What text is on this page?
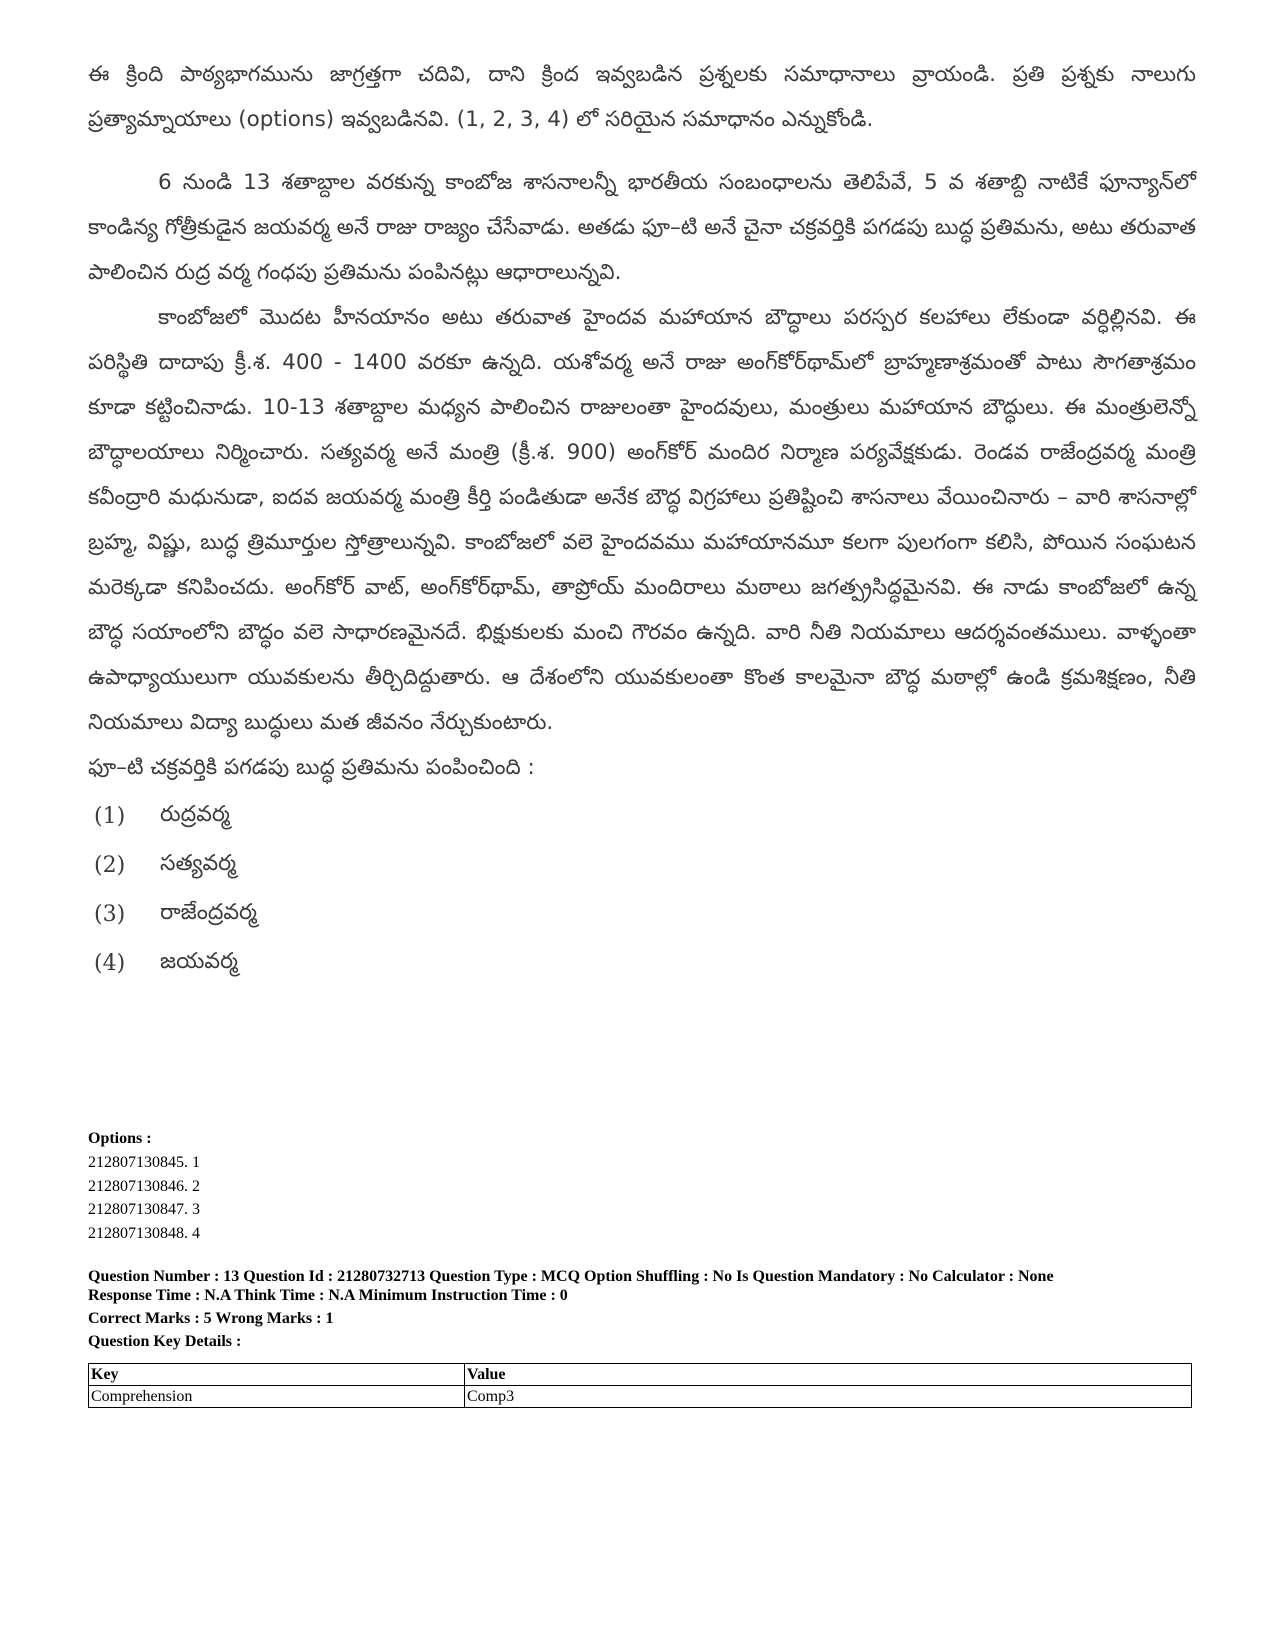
ఈ క్రింది పాఠ్యభాగమును జాగ్రత్తగా చదివి, దాని క్రింద ఇవ్వబడిన ప్రశ్నలకు సమాధానాలు వ్రాయండి. ప్రతి ప్రశ్నకు నాలుగు ప్రత్యామ్నాయాలు (options) ఇవ్వబడినవి. (1, 2, 3, 4) లో సరియైన సమాధానం ఎన్నుకోండి.

6 నుండి 13 శతాబ్దాల వరకున్న కాంబోజ శాసనాలన్నీ భారతీయ సంబంధాలను తెలిపేవే, 5 వ శతాబ్ది నాటికే ఫూన్యాన్‌లో కాండిన్య గోత్రీకుడైన జయవర్మ అనే రాజు రాజ్యం చేసేవాడు. అతడు ఫూ–టి అనే చైనా చక్రవర్తికి పగడపు బుద్ధ ప్రతిమను, అటు తరువాత పాలించిన రుద్ర వర్మ గంధపు ప్రతిమను పంపినట్లు ఆధారాలున్నవి.

కాంబోజలో మొదట హీనయానం అటు తరువాత హైందవ మహాయాన బౌద్ధాలు పరస్పర కలహాలు లేకుండా వర్ధిల్లినవి. ఈ పరిస్థితి దాదాపు క్రీ.శ. 400 - 1400 వరకూ ఉన్నది. యశోవర్మ అనే రాజు అంగ్‌కోర్‌థామ్‌లో బ్రాహ్మణాశ్రమంతో పాటు సౌగతాశ్రమం కూడా కట్టించినాడు. 10-13 శతాబ్దాల మధ్యన పాలించిన రాజులంతా హైందవులు, మంత్రులు మహాయాన బౌద్ధులు. ఈ మంత్రులెన్నో బౌద్ధాలయాలు నిర్మించారు. సత్యవర్మ అనే మంత్రి (క్రీ.శ. 900) అంగ్‌కోర్ మందిర నిర్మాణ పర్యవేక్షకుడు. రెండవ రాజేంద్రవర్మ మంత్రి కవీంద్రారి మధునుడా, ఐదవ జయవర్మ మంత్రి కీర్తి పండితుడా అనేక బౌద్ధ విగ్రహాలు ప్రతిష్టించి శాసనాలు వేయించినారు – వారి శాసనాల్లో బ్రహ్మ, విష్ణు, బుద్ధ త్రిమూర్తుల స్తోత్రాలున్నవి. కాంబోజలో వలె హైందవము మహాయానమూ కలగా పులగంగా కలిసి, పోయిన సంఘటన మరెక్కడా కనిపించదు. అంగ్‌కోర్ వాట్, అంగ్‌కోర్‌థామ్, తాప్రోయ్ మందిరాలు మఠాలు జగత్ప్రసిద్ధమైనవి. ఈ నాడు కాంబోజలో ఉన్న బౌద్ధ సయాంలోని బౌద్ధం వలె సాధారణమైనదే. భిక్షుకులకు మంచి గౌరవం ఉన్నది. వారి నీతి నియమాలు ఆదర్శవంతములు. వాళ్ళంతా ఉపాధ్యాయులుగా యువకులను తీర్చిదిద్దుతారు. ఆ దేశంలోని యువకులంతా కొంత కాలమైనా బౌద్ధ మఠాల్లో ఉండి క్రమశిక్షణం, నీతి నియమాలు విద్యా బుద్ధులు మత జీవనం నేర్చుకుంటారు.

ఫూ–టి చక్రవర్తికి పగడపు బుద్ధ ప్రతిమను పంపించింది :

(1)	రుద్రవర్మ
(2)	సత్యవర్మ
(3)	రాజేంద్రవర్మ
(4)	జయవర్మ
Options :
212807130845. 1
212807130846. 2
212807130847. 3
212807130848. 4
Question Number : 13 Question Id : 21280732713 Question Type : MCQ Option Shuffling : No Is Question Mandatory : No Calculator : None
Response Time : N.A Think Time : N.A Minimum Instruction Time : 0
Correct Marks : 5 Wrong Marks : 1
Question Key Details :
Key	Value
Comprehension	Comp3
